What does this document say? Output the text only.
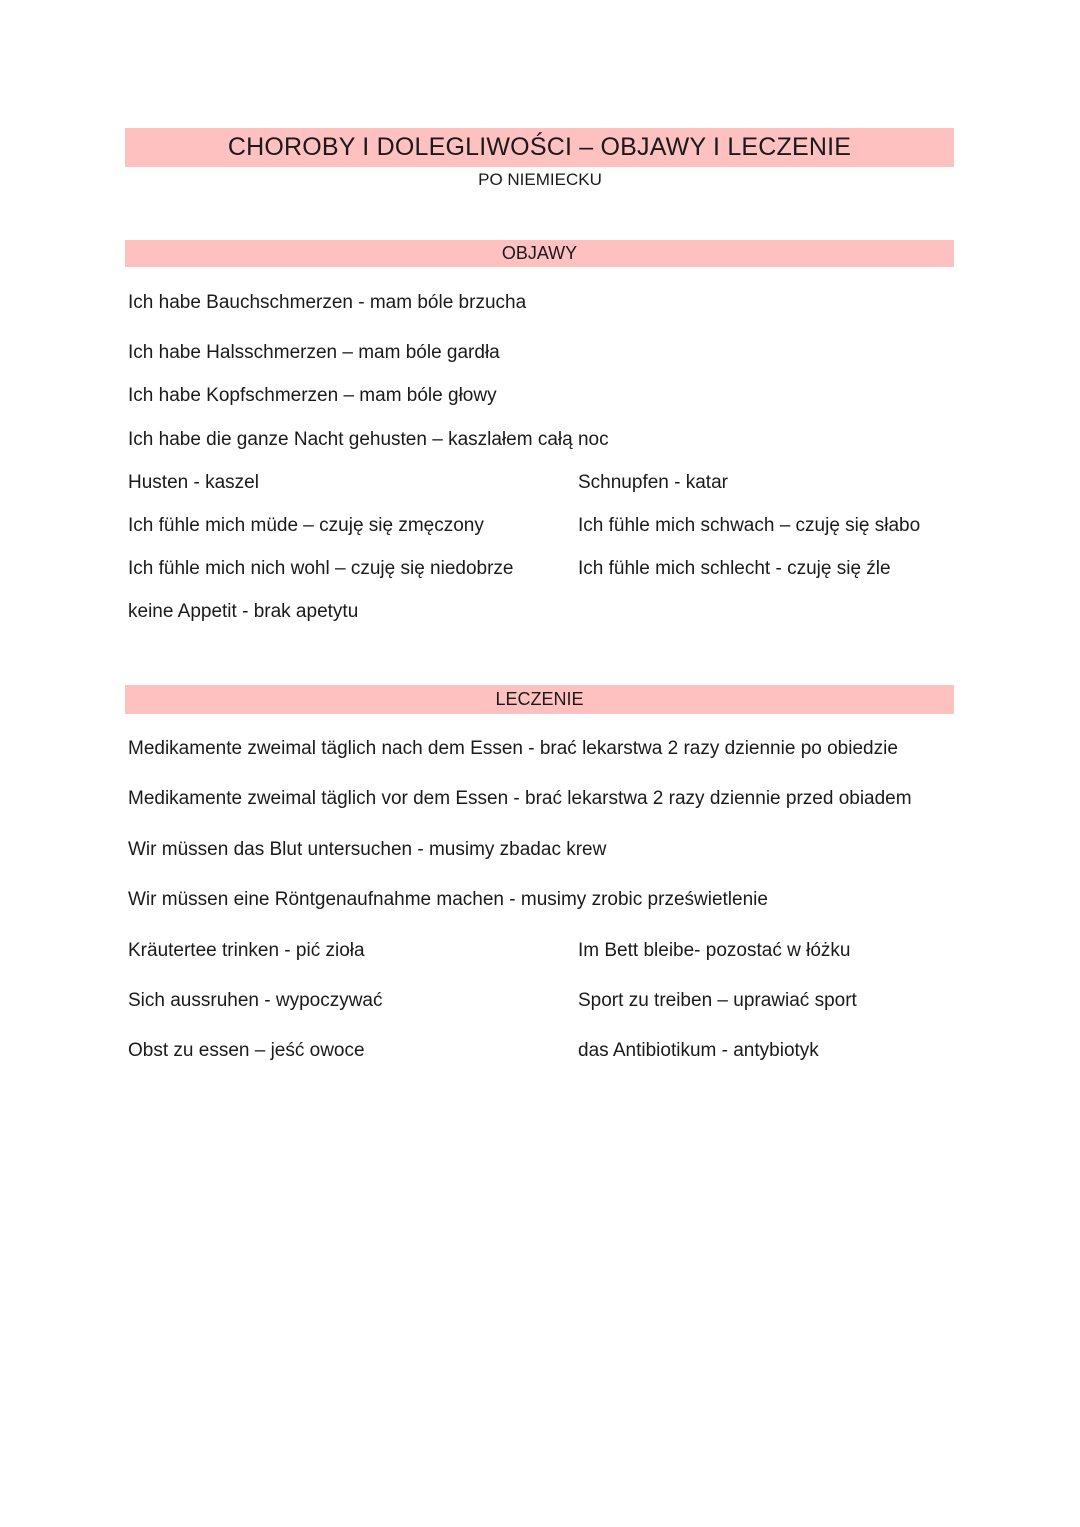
CHOROBY I DOLEGLIWOŚCI – OBJAWY I LECZENIE
PO NIEMIECKU
OBJAWY
Ich habe Bauchschmerzen - mam bóle brzucha
Ich habe Halsschmerzen – mam bóle gardła
Ich habe Kopfschmerzen – mam bóle głowy
Ich habe die ganze Nacht gehusten – kaszlałem całą noc
Husten - kaszel	Schnupfen - katar
Ich fühle mich müde – czuję się zmęczony	Ich fühle mich schwach – czuję się słabo
Ich fühle mich nich wohl – czuję się niedobrze	Ich fühle mich schlecht - czuję się źle
keine Appetit - brak apetytu
LECZENIE
Medikamente zweimal täglich nach dem Essen - brać lekarstwa 2 razy dziennie po obiedzie
Medikamente zweimal täglich vor dem Essen - brać lekarstwa 2 razy dziennie przed obiadem
Wir müssen das Blut untersuchen - musimy zbadac krew
Wir müssen eine Röntgenaufnahme machen - musimy zrobic prześwietlenie
Kräutertee trinken - pić zioła	Im Bett bleibe- pozostać w łóżku
Sich aussruhen - wypoczywać	Sport zu treiben – uprawiać sport
Obst zu essen – jeść owoce	das Antibiotikum - antybiotyk
